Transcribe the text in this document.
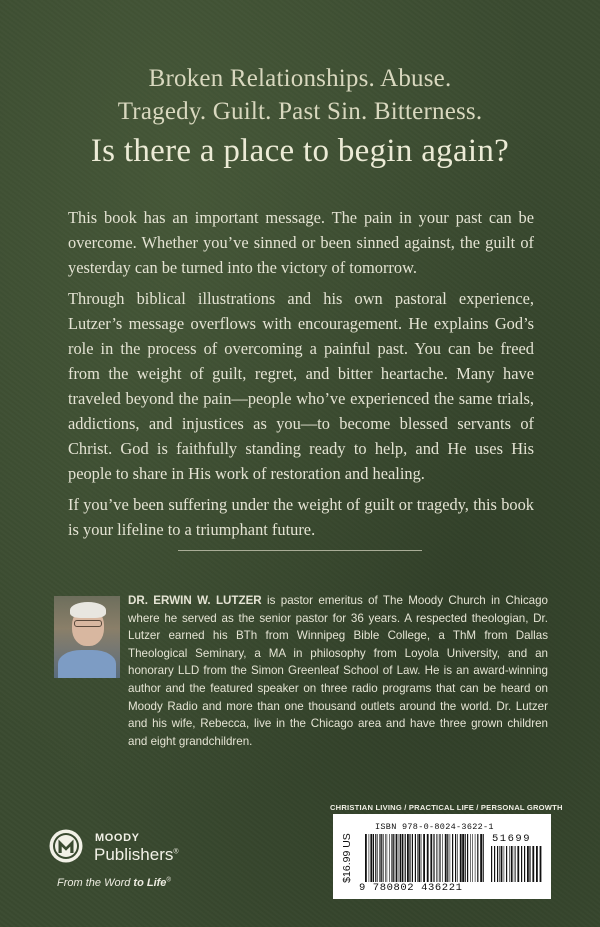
Broken Relationships. Abuse.
Tragedy. Guilt. Past Sin. Bitterness.
Is there a place to begin again?

This book has an important message. The pain in your past can be overcome. Whether you’ve sinned or been sinned against, the guilt of yesterday can be turned into the victory of tomorrow.

Through biblical illustrations and his own pastoral experience, Lutzer’s message overflows with encouragement. He explains God’s role in the process of overcoming a painful past. You can be freed from the weight of guilt, regret, and bitter heartache. Many have traveled beyond the pain—people who’ve experienced the same trials, addictions, and injustices as you—to become blessed servants of Christ. God is faithfully standing ready to help, and He uses His people to share in His work of restoration and healing.

If you’ve been suffering under the weight of guilt or tragedy, this book is your lifeline to a triumphant future.

DR. ERWIN W. LUTZER is pastor emeritus of The Moody Church in Chicago where he served as the senior pastor for 36 years. A respected theologian, Dr. Lutzer earned his BTh from Winnipeg Bible College, a ThM from Dallas Theological Seminary, a MA in philosophy from Loyola University, and an honorary LLD from the Simon Greenleaf School of Law. He is an award-winning author and the featured speaker on three radio programs that can be heard on Moody Radio and more than one thousand outlets around the world. Dr. Lutzer and his wife, Rebecca, live in the Chicago area and have three grown children and eight grandchildren.
CHRISTIAN LIVING / PRACTICAL LIFE / PERSONAL GROWTH
$16.99 US
ISBN 978-0-8024-3622-1
51699
9 780802 436221
MOODY
Publishers®
From the Word to Life®
